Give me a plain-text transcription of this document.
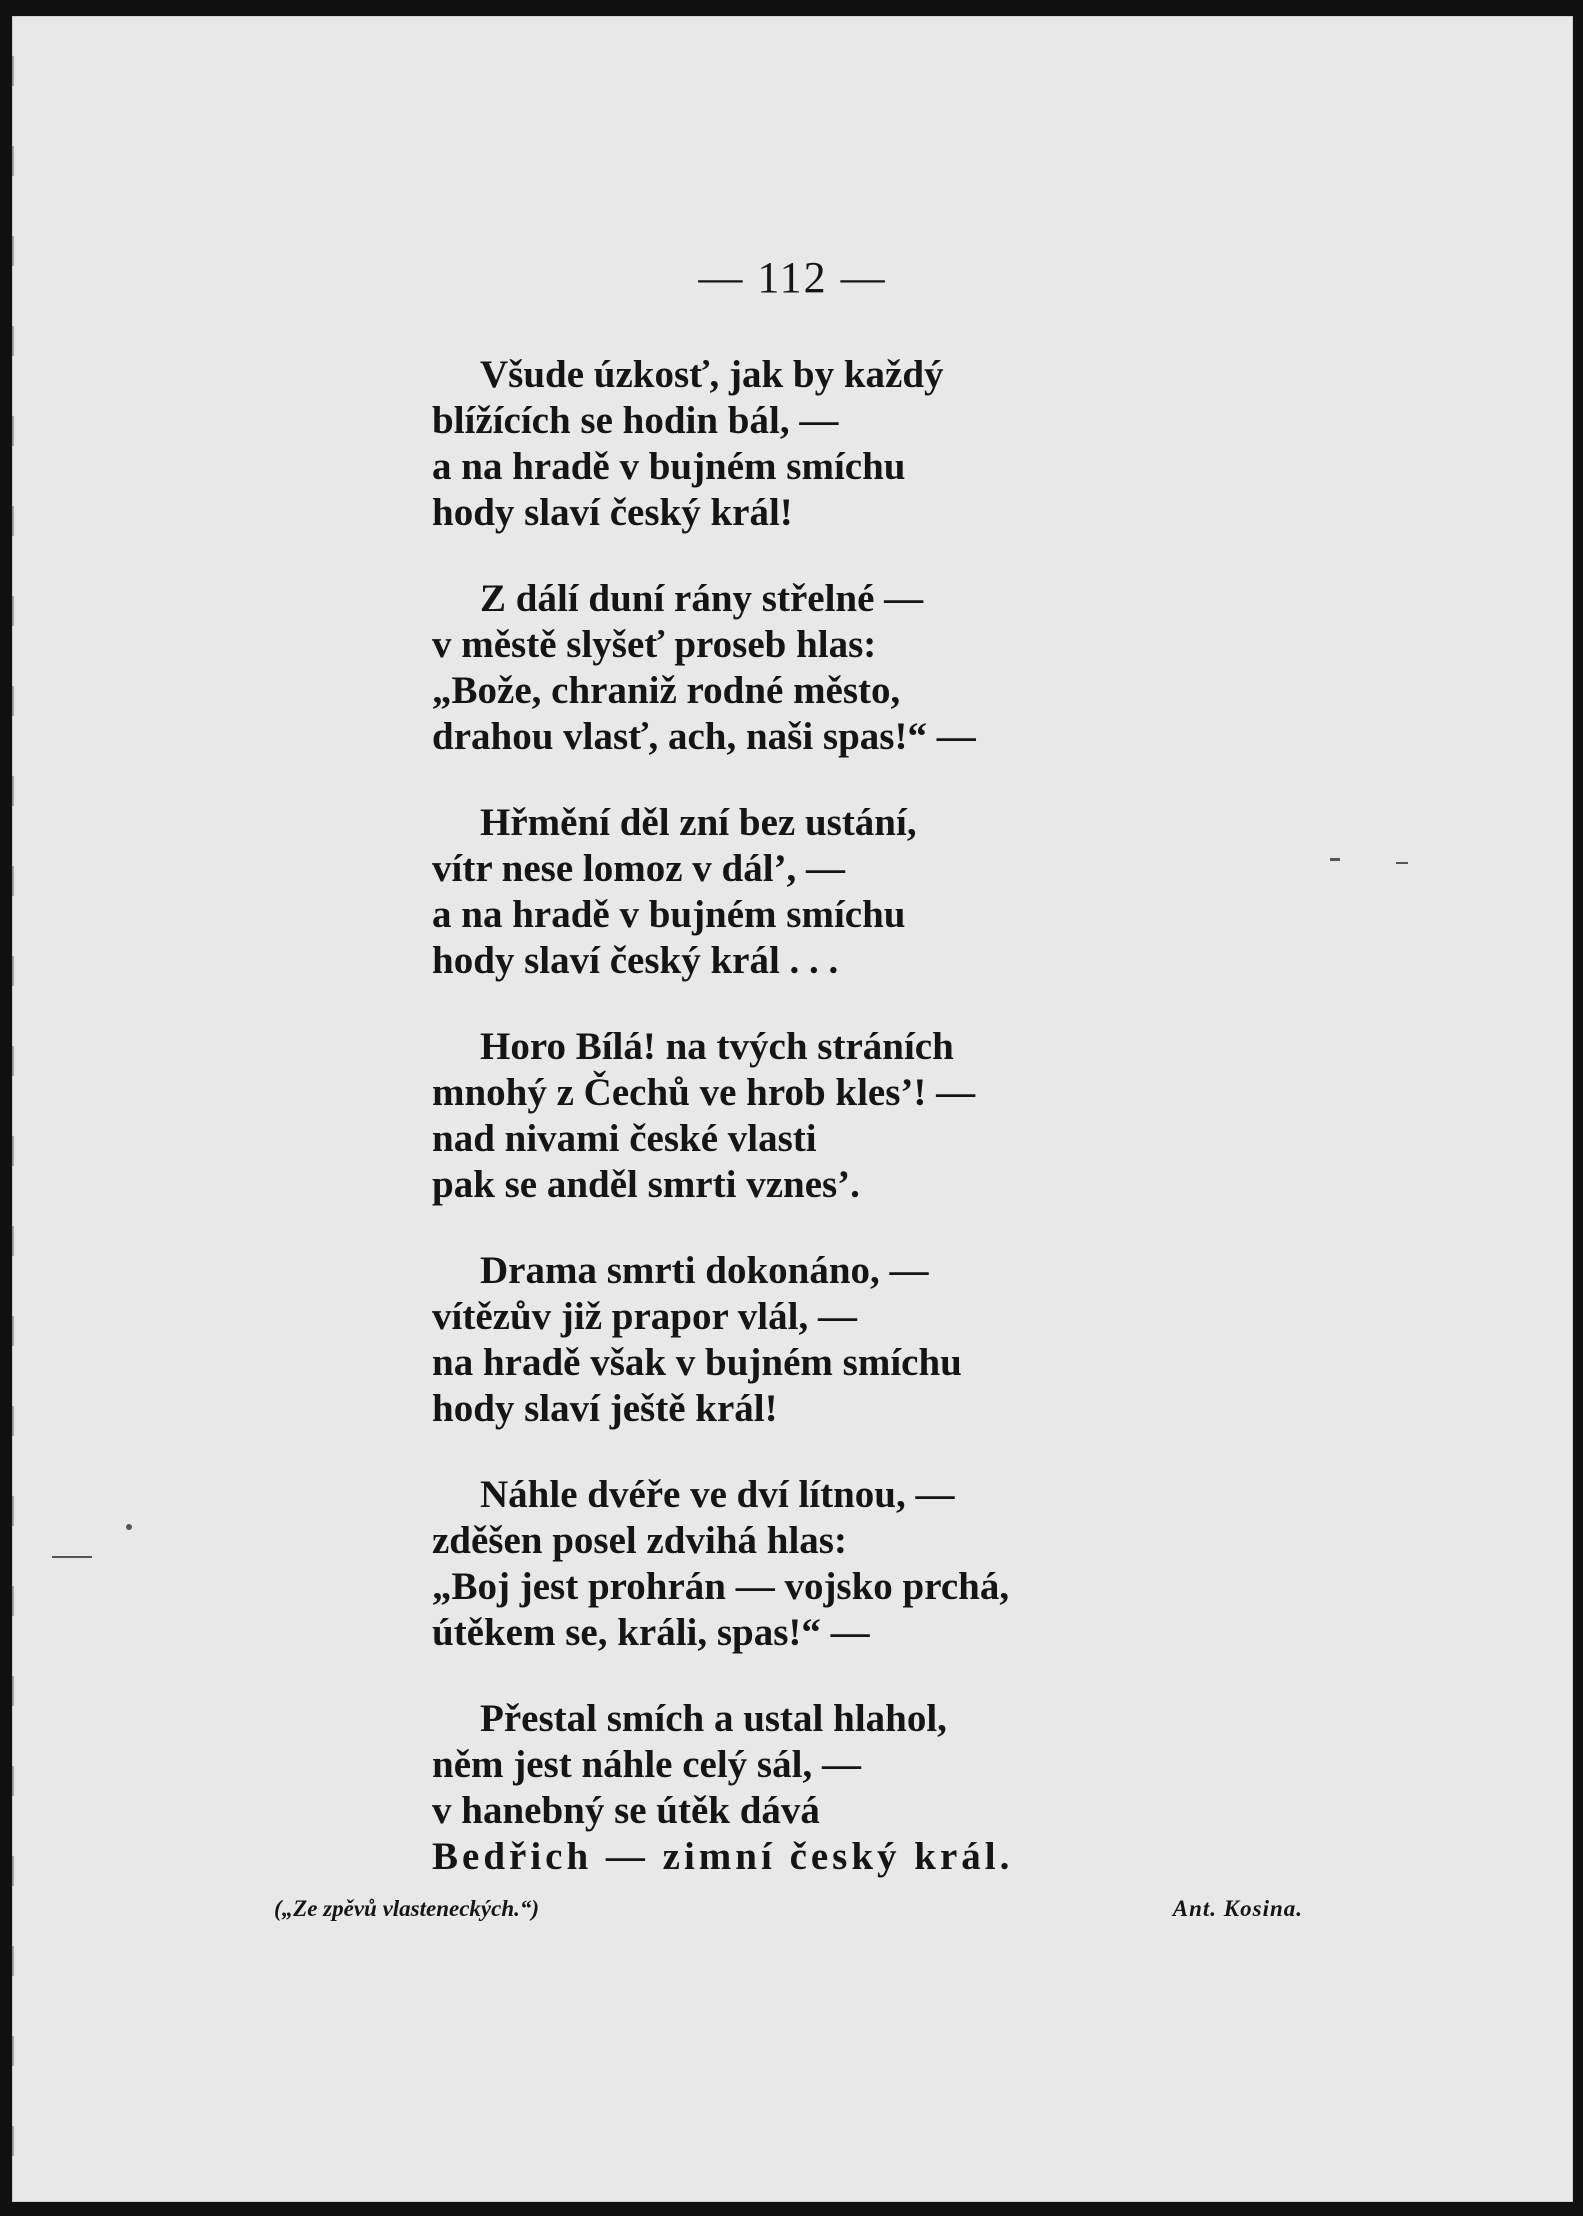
— 112 —
Všude úzkosť, jak by každý
blížících se hodin bál, —
a na hradě v bujném smíchu
hody slaví český král!
Z dálí duní rány střelné —
v městě slyšeť proseb hlas:
„Bože, chraniž rodné město,
drahou vlasť, ach, naši spas!“ —
Hřmění děl zní bez ustání,
vítr nese lomoz v dál’, —
a na hradě v bujném smíchu
hody slaví český král . . .
Horo Bílá! na tvých stráních
mnohý z Čechů ve hrob kles’! —
nad nivami české vlasti
pak se anděl smrti vznes’.
Drama smrti dokonáno, —
vítězův již prapor vlál, —
na hradě však v bujném smíchu
hody slaví ještě král!
Náhle dvéře ve dví lítnou, —
zděšen posel zdvihá hlas:
„Boj jest prohrán — vojsko prchá,
útěkem se, králi, spas!“ —
Přestal smích a ustal hlahol,
něm jest náhle celý sál, —
v hanebný se útěk dává
Bedřich — zimní český král.
(„Ze zpěvů vlasteneckých.“)	Ant. Kosina.
